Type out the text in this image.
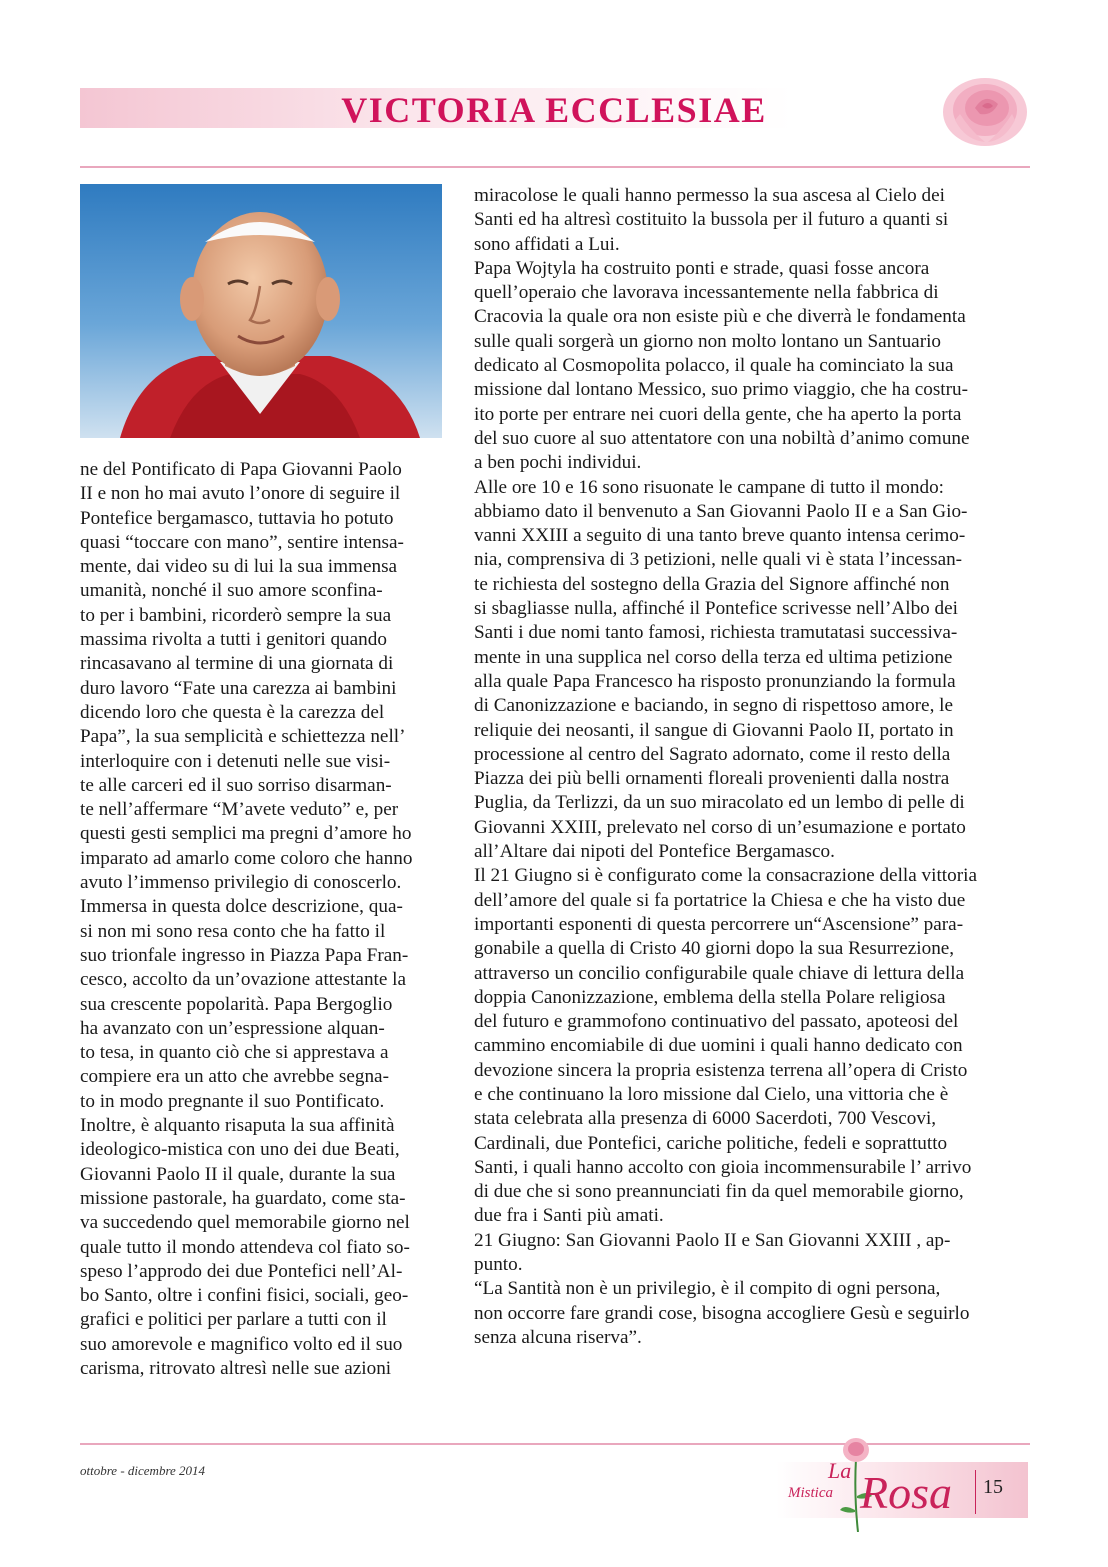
VICTORIA ECCLESIAE
ne del Pontificato di Papa Giovanni Paolo
II e non ho mai avuto l’onore di seguire il
Pontefice bergamasco, tuttavia ho potuto
quasi “toccare con mano”, sentire intensa-
mente, dai video su di lui la sua immensa
umanità, nonché il suo amore sconfina-
to per i bambini, ricorderò sempre la sua
massima rivolta a tutti i genitori quando
rincasavano al termine di una giornata di
duro lavoro “Fate una carezza ai bambini
dicendo loro che questa è la carezza del
Papa”, la sua semplicità e schiettezza nell’
interloquire con i detenuti nelle sue visi-
te alle carceri ed il suo sorriso disarman-
te nell’affermare “M’avete veduto” e, per
questi gesti semplici ma pregni d’amore ho
imparato ad amarlo come coloro che hanno
avuto l’immenso privilegio di conoscerlo.
Immersa in questa dolce descrizione, qua-
si non mi sono resa conto che ha fatto il
suo trionfale ingresso in Piazza Papa Fran-
cesco, accolto da un’ovazione attestante la
sua crescente popolarità. Papa Bergoglio
ha avanzato con un’espressione alquan-
to tesa, in quanto ciò che si apprestava a
compiere era un atto che avrebbe segna-
to in modo pregnante il suo Pontificato.
Inoltre, è alquanto risaputa la sua affinità
ideologico-mistica con uno dei due Beati,
Giovanni Paolo II il quale, durante la sua
missione pastorale, ha guardato, come sta-
va succedendo quel memorabile giorno nel
quale tutto il mondo attendeva col fiato so-
speso l’approdo dei due Pontefici nell’Al-
bo Santo, oltre i confini fisici, sociali, geo-
grafici e politici per parlare a tutti con il
suo amorevole e magnifico volto ed il suo
carisma, ritrovato altresì nelle sue azioni
miracolose le quali hanno permesso la sua ascesa al Cielo dei
Santi ed ha altresì costituito la bussola per il futuro a quanti si
sono affidati a Lui.
Papa Wojtyla ha costruito ponti e strade, quasi fosse ancora
quell’operaio che lavorava incessantemente nella fabbrica di
Cracovia la quale ora non esiste più e che diverrà le fondamenta
sulle quali sorgerà un giorno non molto lontano un Santuario
dedicato al Cosmopolita polacco, il quale ha cominciato la sua
missione dal lontano Messico, suo primo viaggio, che ha costru-
ito porte per entrare nei cuori della gente, che ha aperto la porta
del suo cuore al suo attentatore con una nobiltà d’animo comune
a ben pochi individui.
Alle ore 10 e 16 sono risuonate le campane di tutto il mondo:
abbiamo dato il benvenuto a San Giovanni Paolo II e a San Gio-
vanni XXIII a seguito di una tanto breve quanto intensa cerimo-
nia, comprensiva di 3 petizioni, nelle quali vi è stata l’incessan-
te richiesta del sostegno della Grazia del Signore affinché non
si sbagliasse nulla, affinché il Pontefice scrivesse nell’Albo dei
Santi i due nomi tanto famosi, richiesta tramutatasi successiva-
mente in una supplica nel corso della terza ed ultima petizione
alla quale Papa Francesco ha risposto pronunziando la formula
di Canonizzazione e baciando, in segno di rispettoso amore, le
reliquie dei neosanti, il sangue di Giovanni Paolo II, portato in
processione al centro del Sagrato adornato, come il resto della
Piazza dei più belli ornamenti floreali provenienti dalla nostra
Puglia, da Terlizzi, da un suo miracolato ed un lembo di pelle di
Giovanni XXIII, prelevato nel corso di un’esumazione e portato
all’Altare dai nipoti del Pontefice Bergamasco.
Il 21 Giugno si è configurato come la consacrazione della vittoria
dell’amore del quale si fa portatrice la Chiesa e che ha visto due
importanti esponenti di questa percorrere un“Ascensione” para-
gonabile a quella di Cristo 40 giorni dopo la sua Resurrezione,
attraverso un concilio configurabile quale chiave di lettura della
doppia Canonizzazione, emblema della stella Polare religiosa
del futuro e grammofono continuativo del passato, apoteosi del
cammino encomiabile di due uomini i quali hanno dedicato con
devozione sincera la propria esistenza terrena all’opera di Cristo
e che continuano la loro missione dal Cielo, una vittoria che è
stata celebrata alla presenza di 6000 Sacerdoti, 700 Vescovi,
Cardinali, due Pontefici, cariche politiche, fedeli e soprattutto
Santi, i quali hanno accolto con gioia incommensurabile l’ arrivo
di due che si sono preannunciati fin da quel memorabile giorno,
due fra i Santi più amati.
21 Giugno: San Giovanni Paolo II e San Giovanni XXIII , ap-
punto.
“La Santità non è un privilegio, è il compito di ogni persona,
non occorre fare grandi cose, bisogna accogliere Gesù e seguirlo
senza alcuna riserva”.
ottobre - dicembre 2014	La
Mistica Rosa 15
